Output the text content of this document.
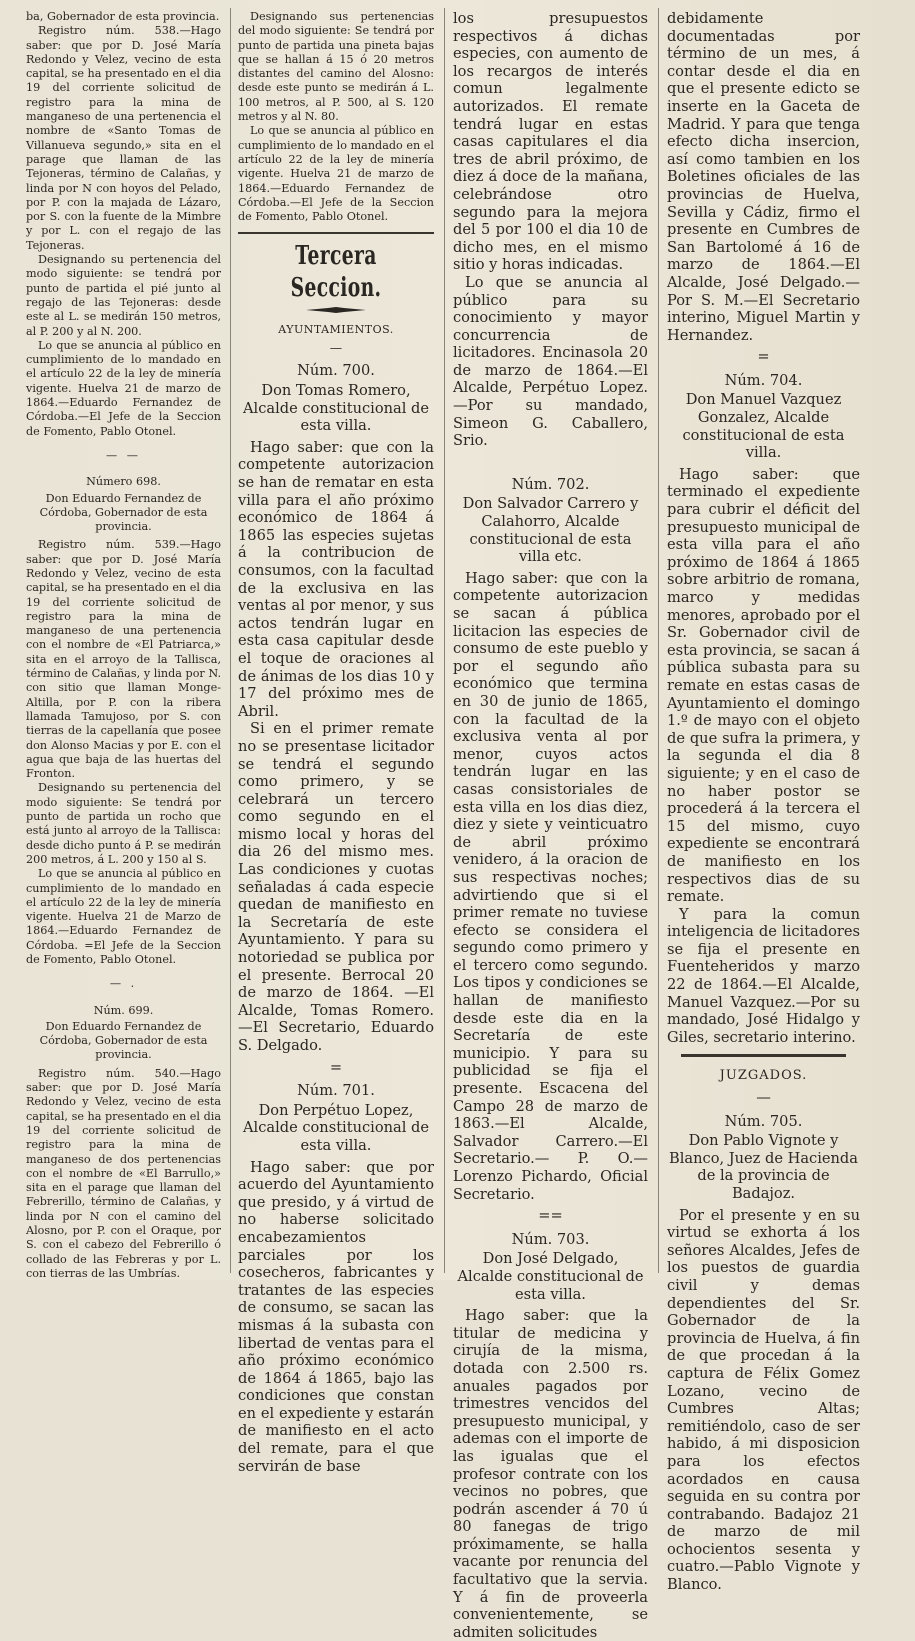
ba, Gobernador de esta provincia.

Registro núm. 538.—Hago saber: que por D. José María Redondo y Velez, vecino de esta capital, se ha presentado en el dia 19 del corriente solicitud de registro para la mina de manganeso de una pertenencia el nombre de «Santo Tomas de Villanueva segundo,» sita en el parage que llaman de las Tejoneras, término de Calañas, y linda por N con hoyos del Pelado, por P. con la majada de Lázaro, por S. con la fuente de la Mimbre y por L. con el regajo de las Tejoneras.

Designando su pertenencia del modo siguiente: se tendrá por punto de partida el pié junto al regajo de las Tejoneras: desde este al L. se medirán 150 metros, al P. 200 y al N. 200.

Lo que se anuncia al público en cumplimiento de lo mandado en el artículo 22 de la ley de minería vigente. Huelva 21 de marzo de 1864.—Eduardo Fernandez de Córdoba.—El Jefe de la Seccion de Fomento, Pablo Otonel.

— —

Número 698.

Don Eduardo Fernandez de Córdoba, Gobernador de esta provincia.

Registro núm. 539.—Hago saber: que por D. José María Redondo y Velez, vecino de esta capital, se ha presentado en el dia 19 del corriente solicitud de registro para la mina de manganeso de una pertenencia con el nombre de «El Patriarca,» sita en el arroyo de la Tallisca, término de Calañas, y linda por N. con sitio que llaman Monge-Altilla, por P. con la ribera llamada Tamujoso, por S. con tierras de la capellanía que posee don Alonso Macias y por E. con el agua que baja de las huertas del Fronton.

Designando su pertenencia del modo siguiente: Se tendrá por punto de partida un rocho que está junto al arroyo de la Tallisca: desde dicho punto á P. se medirán 200 metros, á L. 200 y 150 al S.

Lo que se anuncia al público en cumplimiento de lo mandado en el artículo 22 de la ley de minería vigente. Huelva 21 de Marzo de 1864.—Eduardo Fernandez de Córdoba. =El Jefe de la Seccion de Fomento, Pablo Otonel.

— .

Núm. 699.

Don Eduardo Fernandez de Córdoba, Gobernador de esta provincia.

Registro núm. 540.—Hago saber: que por D. José María Redondo y Velez, vecino de esta capital, se ha presentado en el dia 19 del corriente solicitud de registro para la mina de manganeso de dos pertenencias con el nombre de «El Barrullo,» sita en el parage que llaman del Febrerillo, término de Calañas, y linda por N con el camino del Alosno, por P. con el Oraque, por S. con el cabezo del Febrerillo ó collado de las Febreras y por L. con tierras de las Umbrías.

Designando sus pertenencias del modo siguiente: Se tendrá por punto de partida una pineta bajas que se hallan á 15 ó 20 metros distantes del camino del Alosno: desde este punto se medirán á L. 100 metros, al P. 500, al S. 120 metros y al N. 80.

Lo que se anuncia al público en cumplimiento de lo mandado en el artículo 22 de la ley de minería vigente. Huelva 21 de marzo de 1864.—Eduardo Fernandez de Córdoba.—El Jefe de la Seccion de Fomento, Pablo Otonel.

Tercera Seccion.

AYUNTAMIENTOS.

—

Núm. 700.

Don Tomas Romero, Alcalde constitucional de esta villa.

Hago saber: que con la competente autorizacion se han de rematar en esta villa para el año próximo económico de 1864 á 1865 las especies sujetas á la contribucion de consumos, con la facultad de la exclusiva en las ventas al por menor, y sus actos tendrán lugar en esta casa capitular desde el toque de oraciones al de ánimas de los dias 10 y 17 del próximo mes de Abril.

Si en el primer remate no se presentase licitador se tendrá el segundo como primero, y se celebrará un tercero como segundo en el mismo local y horas del dia 26 del mismo mes. Las condiciones y cuotas señaladas á cada especie quedan de manifiesto en la Secretaría de este Ayuntamiento. Y para su notoriedad se publica por el presente. Berrocal 20 de marzo de 1864. —El Alcalde, Tomas Romero. —El Secretario, Eduardo S. Delgado.

=

Núm. 701.

Don Perpétuo Lopez, Alcalde constitucional de esta villa.

Hago saber: que por acuerdo del Ayuntamiento que presido, y á virtud de no haberse solicitado encabezamientos parciales por los cosecheros, fabricantes y tratantes de las especies de consumo, se sacan las mismas á la subasta con libertad de ventas para el año próximo económico de 1864 á 1865, bajo las condiciones que constan en el expediente y estarán de manifiesto en el acto del remate, para el que servirán de base

los presupuestos respectivos á dichas especies, con aumento de los recargos de interés comun legalmente autorizados. El remate tendrá lugar en estas casas capitulares el dia tres de abril próximo, de diez á doce de la mañana, celebrándose otro segundo para la mejora del 5 por 100 el dia 10 de dicho mes, en el mismo sitio y horas indicadas.

Lo que se anuncia al público para su conocimiento y mayor concurrencia de licitadores. Encinasola 20 de marzo de 1864.—El Alcalde, Perpétuo Lopez.—Por su mandado, Simeon G. Caballero, Srio.

Núm. 702.

Don Salvador Carrero y Calahorro, Alcalde constitucional de esta villa etc.

Hago saber: que con la competente autorizacion se sacan á pública licitacion las especies de consumo de este pueblo y por el segundo año económico que termina en 30 de junio de 1865, con la facultad de la exclusiva venta al por menor, cuyos actos tendrán lugar en las casas consistoriales de esta villa en los dias diez, diez y siete y veinticuatro de abril próximo venidero, á la oracion de sus respectivas noches; advirtiendo que si el primer remate no tuviese efecto se considera el segundo como primero y el tercero como segundo. Los tipos y condiciones se hallan de manifiesto desde este dia en la Secretaría de este municipio. Y para su publicidad se fija el presente. Escacena del Campo 28 de marzo de 1863.—El Alcalde, Salvador Carrero.—El Secretario.— P. O.—Lorenzo Pichardo, Oficial Secretario.

==

Núm. 703.

Don José Delgado, Alcalde constitucional de esta villa.

Hago saber: que la titular de medicina y cirujía de la misma, dotada con 2.500 rs. anuales pagados por trimestres vencidos del presupuesto municipal, y ademas con el importe de las igualas que el profesor contrate con los vecinos no pobres, que podrán ascender á 70 ú 80 fanegas de trigo próximamente, se halla vacante por renuncia del facultativo que la servia. Y á fin de proveerla convenientemente, se admiten solicitudes

debidamente documentadas por término de un mes, á contar desde el dia en que el presente edicto se inserte en la Gaceta de Madrid. Y para que tenga efecto dicha insercion, así como tambien en los Boletines oficiales de las provincias de Huelva, Sevilla y Cádiz, firmo el presente en Cumbres de San Bartolomé á 16 de marzo de 1864.—El Alcalde, José Delgado.—Por S. M.—El Secretario interino, Miguel Martin y Hernandez.

=

Núm. 704.

Don Manuel Vazquez Gonzalez, Alcalde constitucional de esta villa.

Hago saber: que terminado el expediente para cubrir el déficit del presupuesto municipal de esta villa para el año próximo de 1864 á 1865 sobre arbitrio de romana, marco y medidas menores, aprobado por el Sr. Gobernador civil de esta provincia, se sacan á pública subasta para su remate en estas casas de Ayuntamiento el domingo 1.º de mayo con el objeto de que sufra la primera, y la segunda el dia 8 siguiente; y en el caso de no haber postor se procederá á la tercera el 15 del mismo, cuyo expediente se encontrará de manifiesto en los respectivos dias de su remate.

Y para la comun inteligencia de licitadores se fija el presente en Fuenteheridos y marzo 22 de 1864.—El Alcalde, Manuel Vazquez.—Por su mandado, José Hidalgo y Giles, secretario interino.

JUZGADOS.

—

Núm. 705.

Don Pablo Vignote y Blanco, Juez de Hacienda de la provincia de Badajoz.

Por el presente y en su virtud se exhorta á los señores Alcaldes, Jefes de los puestos de guardia civil y demas dependientes del Sr. Gobernador de la provincia de Huelva, á fin de que procedan á la captura de Félix Gomez Lozano, vecino de Cumbres Altas; remitiéndolo, caso de ser habido, á mi disposicion para los efectos acordados en causa seguida en su contra por contrabando. Badajoz 21 de marzo de mil ochocientos sesenta y cuatro.—Pablo Vignote y Blanco.
